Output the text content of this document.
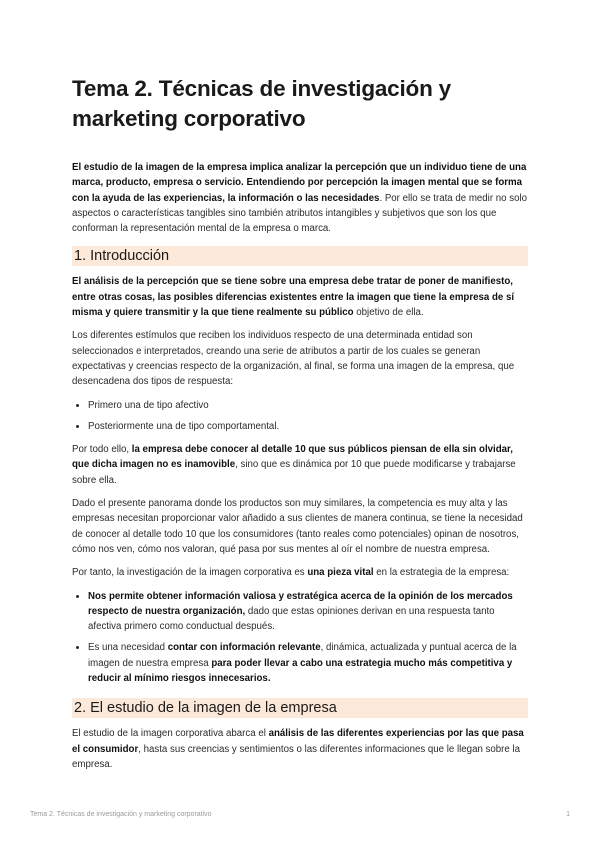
Tema 2. Técnicas de investigación y marketing corporativo

El estudio de la imagen de la empresa implica analizar la percepción que un individuo tiene de una marca, producto, empresa o servicio. Entendiendo por percepción la imagen mental que se forma con la ayuda de las experiencias, la información o las necesidades. Por ello se trata de medir no solo aspectos o características tangibles sino también atributos intangibles y subjetivos que son los que conforman la representación mental de la empresa o marca.

1. Introducción

El análisis de la percepción que se tiene sobre una empresa debe tratar de poner de manifiesto, entre otras cosas, las posibles diferencias existentes entre la imagen que tiene la empresa de sí misma y quiere transmitir y la que tiene realmente su público objetivo de ella.

Los diferentes estímulos que reciben los individuos respecto de una determinada entidad son seleccionados e interpretados, creando una serie de atributos a partir de los cuales se generan expectativas y creencias respecto de la organización, al final, se forma una imagen de la empresa, que desencadena dos tipos de respuesta:

• Primero una de tipo afectivo
• Posteriormente una de tipo comportamental.

Por todo ello, la empresa debe conocer al detalle 10 que sus públicos piensan de ella sin olvidar, que dicha imagen no es inamovible, sino que es dinámica por 10 que puede modificarse y trabajarse sobre ella.

Dado el presente panorama donde los productos son muy similares, la competencia es muy alta y las empresas necesitan proporcionar valor añadido a sus clientes de manera continua, se tiene la necesidad de conocer al detalle todo 10 que los consumidores (tanto reales como potenciales) opinan de nosotros, cómo nos ven, cómo nos valoran, qué pasa por sus mentes al oír el nombre de nuestra empresa.

Por tanto, la investigación de la imagen corporativa es una pieza vital en la estrategia de la empresa:

• Nos permite obtener información valiosa y estratégica acerca de la opinión de los mercados respecto de nuestra organización, dado que estas opiniones derivan en una respuesta tanto afectiva primero como conductual después.
• Es una necesidad contar con información relevante, dinámica, actualizada y puntual acerca de la imagen de nuestra empresa para poder llevar a cabo una estrategia mucho más competitiva y reducir al mínimo riesgos innecesarios.
2. El estudio de la imagen de la empresa

El estudio de la imagen corporativa abarca el análisis de las diferentes experiencias por las que pasa el consumidor, hasta sus creencias y sentimientos o las diferentes informaciones que le llegan sobre la empresa.

Tema 2. Técnicas de investigación y marketing corporativo	1
